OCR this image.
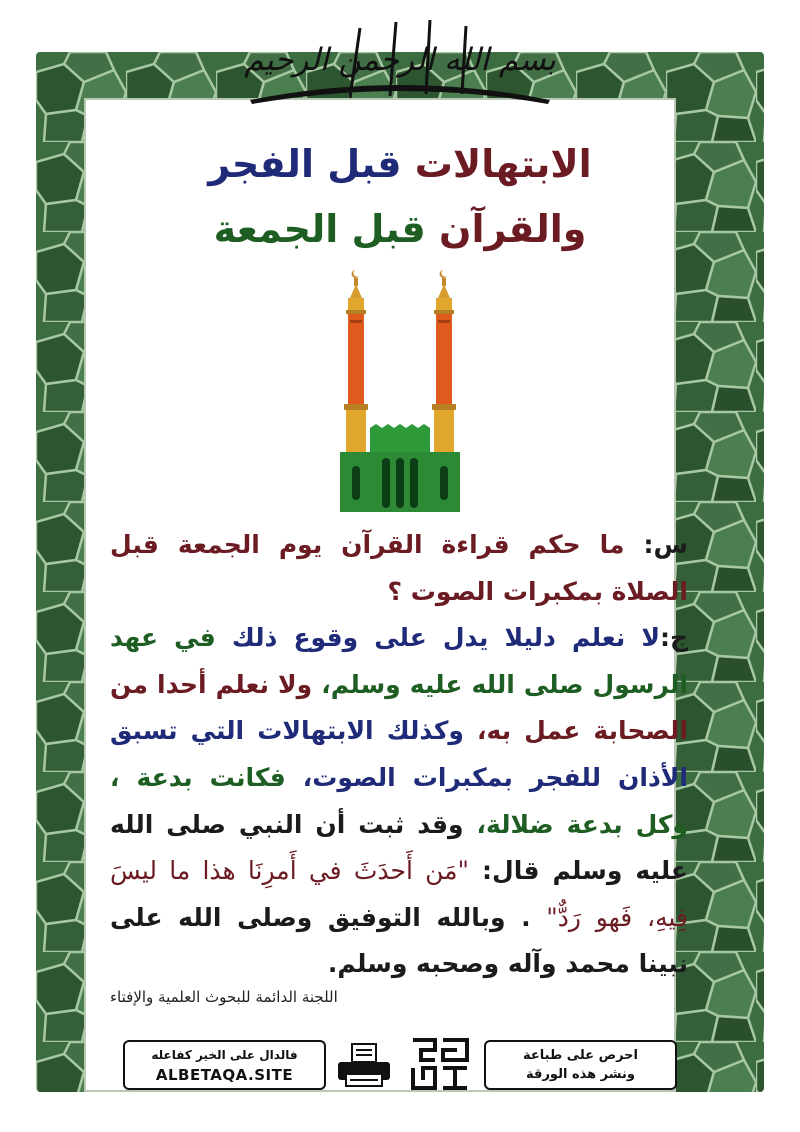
بسم الله الرحمن الرحيم
الابتهالات قبل الفجر
والقرآن قبل الجمعة
س: ما حكم قراءة القرآن يوم الجمعة قبل الصلاة بمكبرات الصوت ؟
ج:لا نعلم دليلا يدل على وقوع ذلك في عهد الرسول صلى الله عليه وسلم، ولا نعلم أحدا من الصحابة عمل به، وكذلك الابتهالات التي تسبق الأذان للفجر بمكبرات الصوت، فكانت بدعة ، وكل بدعة ضلالة، وقد ثبت أن النبي صلى الله عليه وسلم قال: "مَن أَحدَثَ في أَمرِنَا هذا ما ليسَ فِيهِ، فَهو رَدٌّ" . وبالله التوفيق وصلى الله على نبينا محمد وآله وصحبه وسلم.
اللجنة الدائمة للبحوث العلمية والإفتاء
فالدال على الخير كفاعله
ALBETAQA.SITE
احرص على طباعة
ونشر هذه الورقة
